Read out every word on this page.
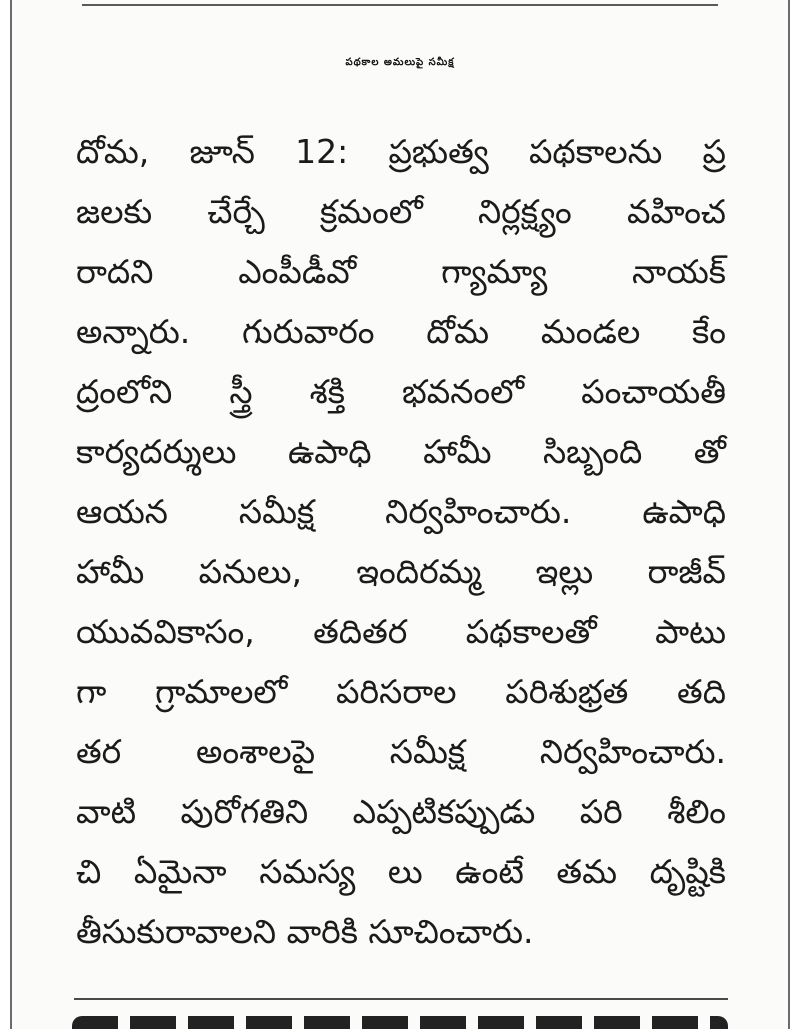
పథకాల అమలుపై సమీక్ష
దోమ, జూన్ 12: ప్రభుత్వ పథకాలను ప్ర
జలకు చేర్చే క్రమంలో నిర్లక్ష్యం వహించ
రాదని ఎంపీడీవో గ్యామ్యా నాయక్
అన్నారు. గురువారం దోమ మండల కేం
ద్రంలోని స్త్రీ శక్తి భవనంలో పంచాయతీ
కార్యదర్శులు ఉపాధి హామీ సిబ్బంది తో
ఆయన సమీక్ష నిర్వహించారు. ఉపాధి
హామీ పనులు, ఇందిరమ్మ ఇల్లు రాజీవ్
యువవికాసం, తదితర పథకాలతో పాటు
గా గ్రామాలలో పరిసరాల పరిశుభ్రత తది
తర అంశాలపై సమీక్ష నిర్వహించారు.
వాటి పురోగతిని ఎప్పటికప్పుడు పరి శీలిం
చి ఏమైనా సమస్య లు ఉంటే తమ దృష్టికి
తీసుకురావాలని వారికి సూచించారు.
